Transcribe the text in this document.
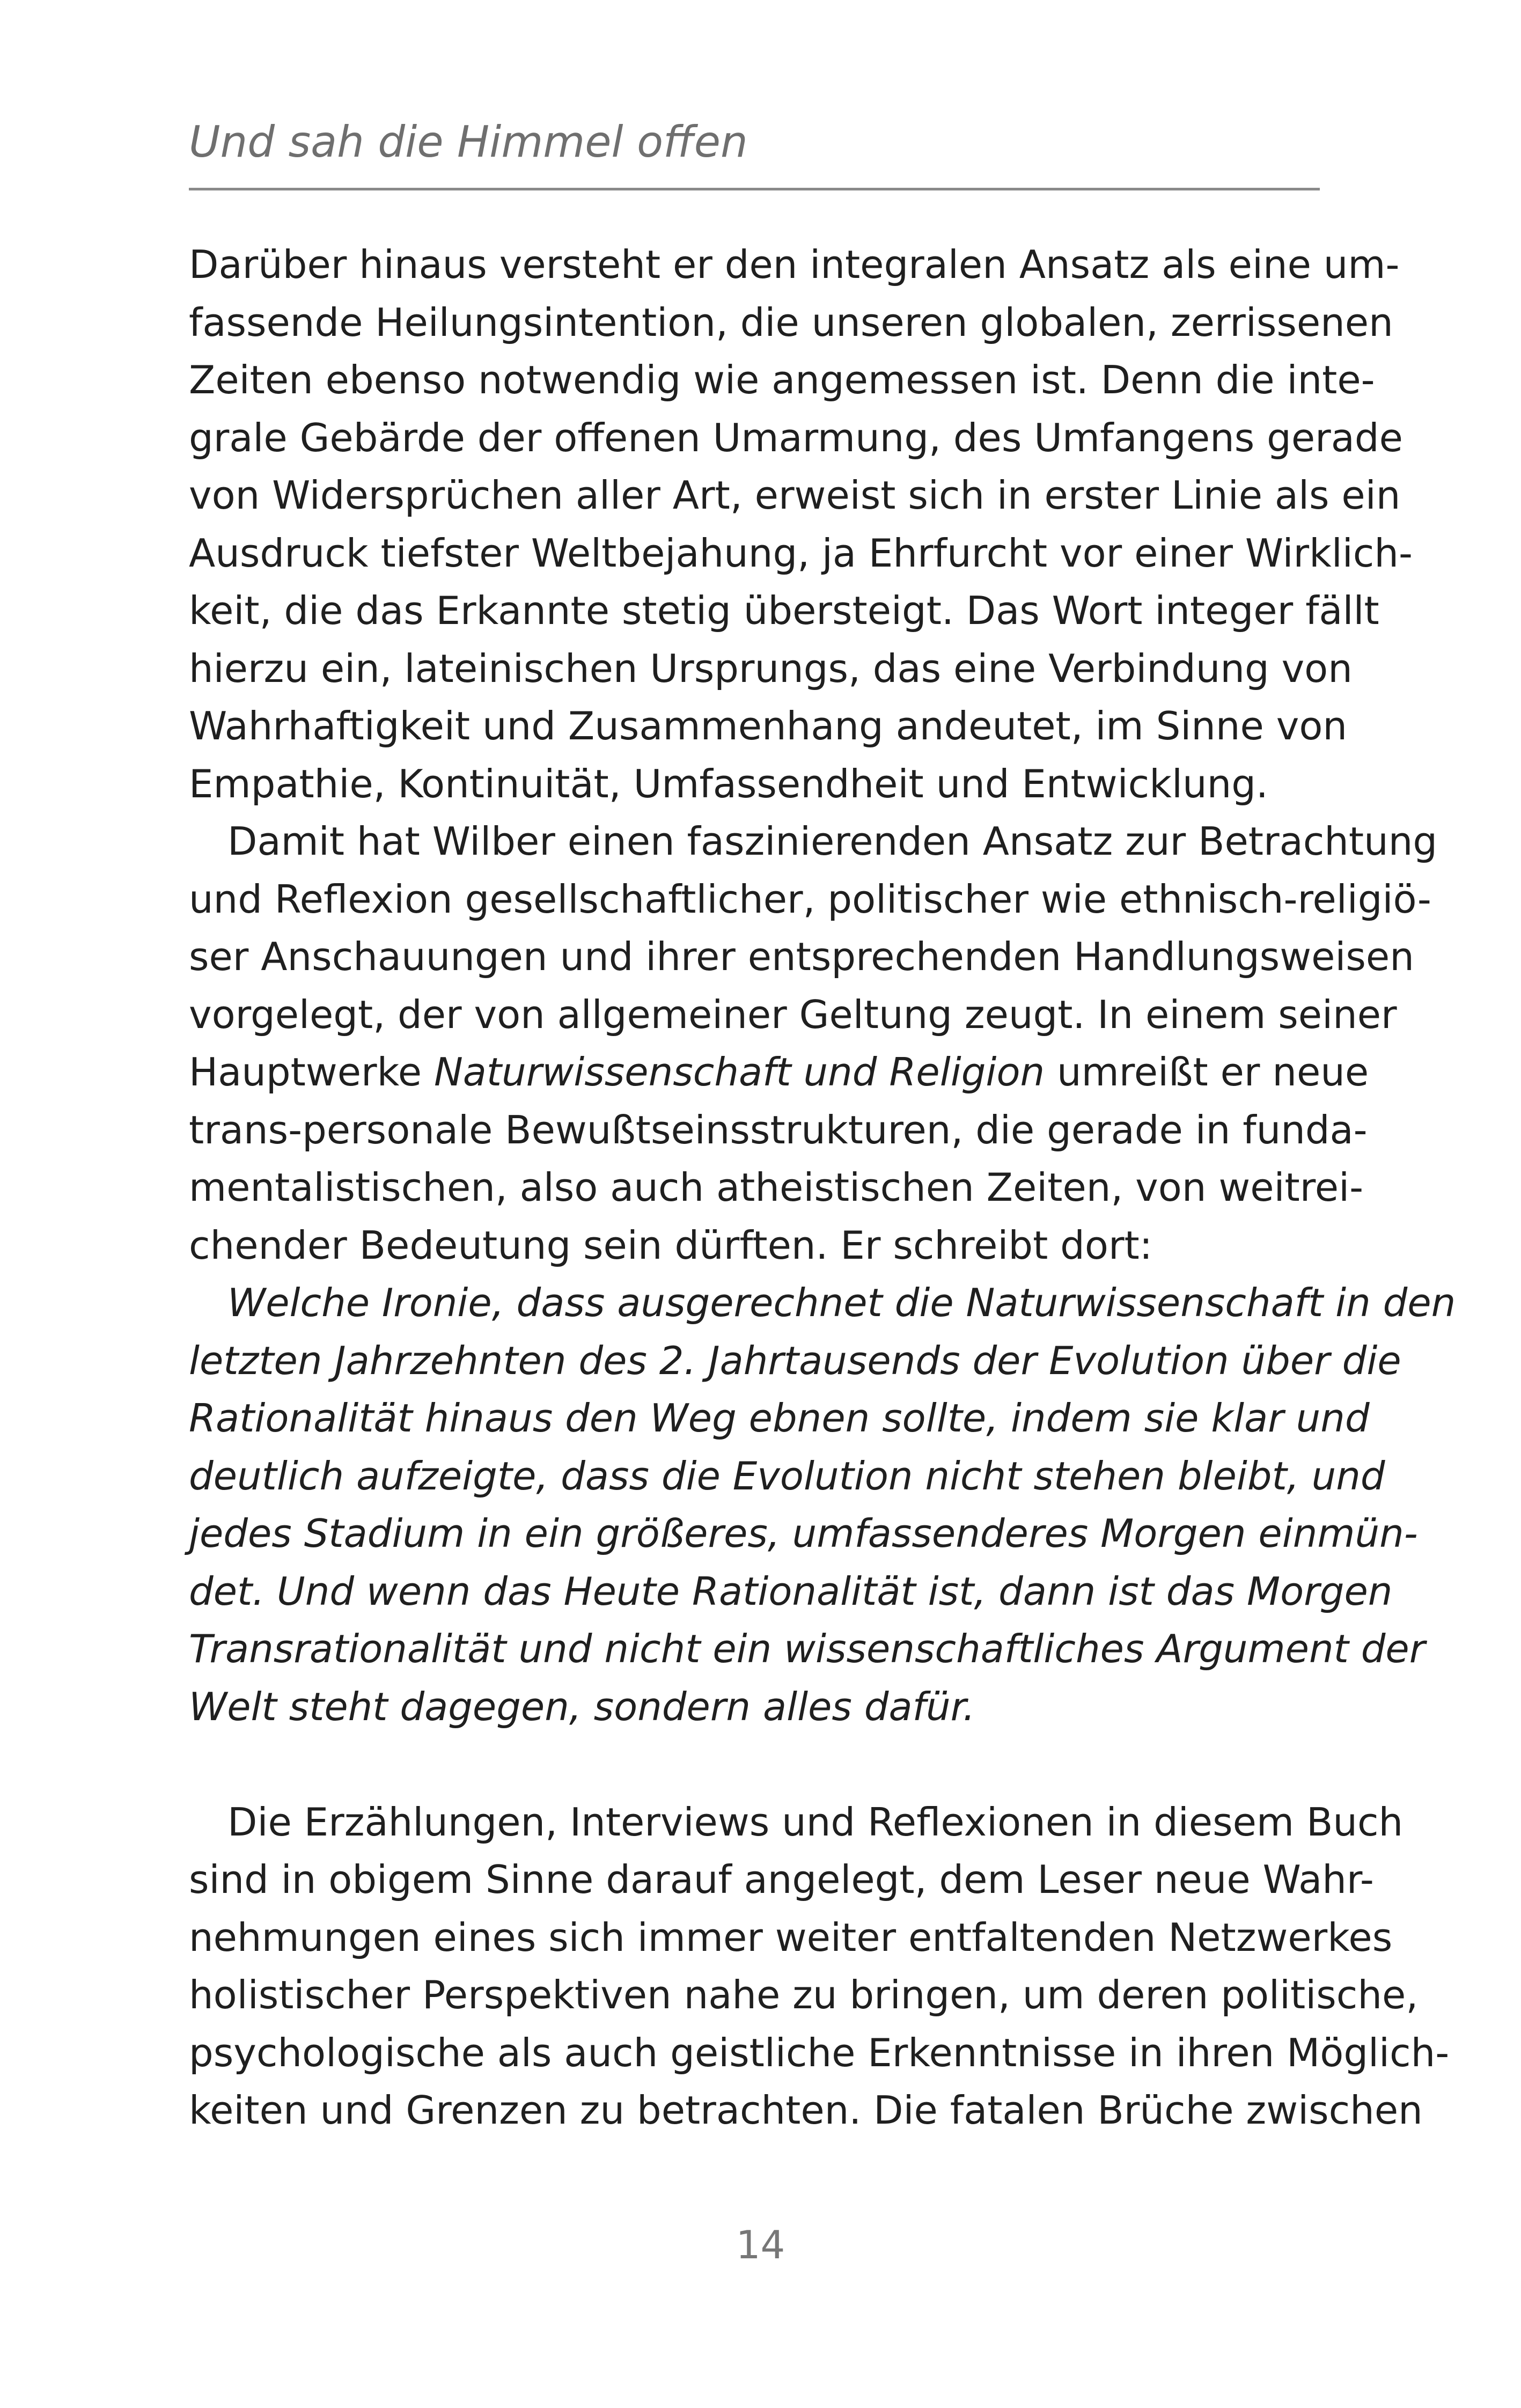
Und sah die Himmel offen
Darüber hinaus versteht er den integralen Ansatz als eine um-
fassende Heilungsintention, die unseren globalen, zerrissenen
Zeiten ebenso notwendig wie angemessen ist. Denn die inte-
grale Gebärde der offenen Umarmung, des Umfangens gerade
von Widersprüchen aller Art, erweist sich in erster Linie als ein
Ausdruck tiefster Weltbejahung, ja Ehrfurcht vor einer Wirklich-
keit, die das Erkannte stetig übersteigt. Das Wort integer fällt
hierzu ein, lateinischen Ursprungs, das eine Verbindung von
Wahrhaftigkeit und Zusammenhang andeutet, im Sinne von
Empathie, Kontinuität, Umfassendheit und Entwicklung.
Damit hat Wilber einen faszinierenden Ansatz zur Betrachtung
und Reflexion gesellschaftlicher, politischer wie ethnisch-religiö-
ser Anschauungen und ihrer entsprechenden Handlungsweisen
vorgelegt, der von allgemeiner Geltung zeugt. In einem seiner
Hauptwerke Naturwissenschaft und Religion umreißt er neue
trans-personale Bewußtseinsstrukturen, die gerade in funda-
mentalistischen, also auch atheistischen Zeiten, von weitrei-
chender Bedeutung sein dürften. Er schreibt dort:
Welche Ironie, dass ausgerechnet die Naturwissenschaft in den
letzten Jahrzehnten des 2. Jahrtausends der Evolution über die
Rationalität hinaus den Weg ebnen sollte, indem sie klar und
deutlich aufzeigte, dass die Evolution nicht stehen bleibt, und
jedes Stadium in ein größeres, umfassenderes Morgen einmün-
det. Und wenn das Heute Rationalität ist, dann ist das Morgen
Transrationalität und nicht ein wissenschaftliches Argument der
Welt steht dagegen, sondern alles dafür.
Die Erzählungen, Interviews und Reflexionen in diesem Buch
sind in obigem Sinne darauf angelegt, dem Leser neue Wahr-
nehmungen eines sich immer weiter entfaltenden Netzwerkes
holistischer Perspektiven nahe zu bringen, um deren politische,
psychologische als auch geistliche Erkenntnisse in ihren Möglich-
keiten und Grenzen zu betrachten. Die fatalen Brüche zwischen
14
